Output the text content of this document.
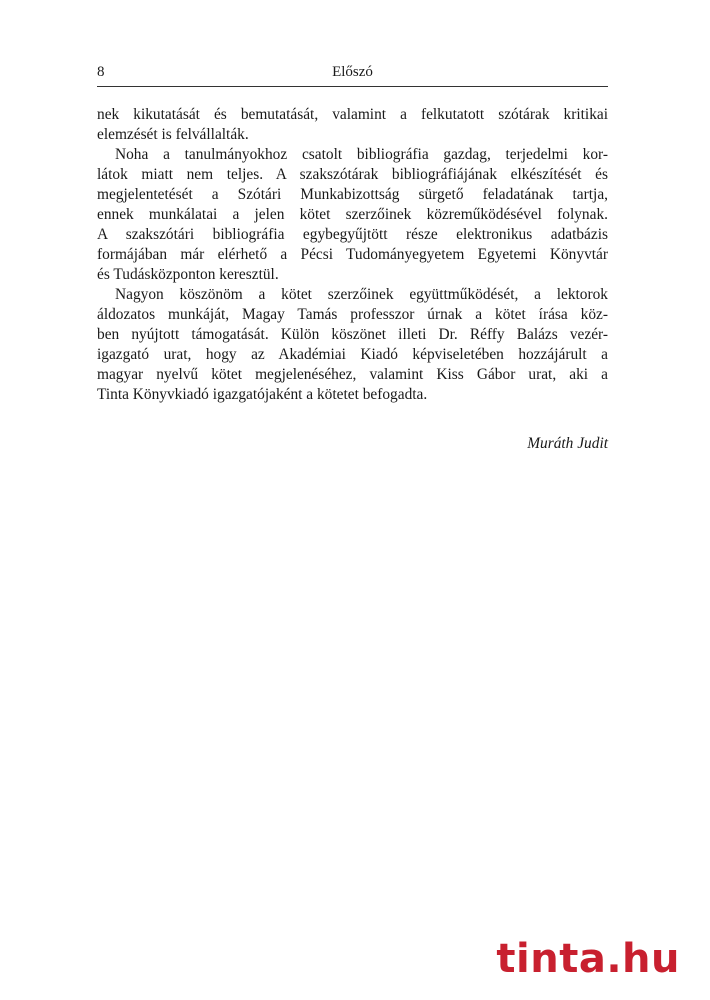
8	Előszó
nek kikutatását és bemutatását, valamint a felkutatott szótárak kritikai
elemzését is felvállalták.
Noha a tanulmányokhoz csatolt bibliográfia gazdag, terjedelmi kor-
látok miatt nem teljes. A szakszótárak bibliográfiájának elkészítését és
megjelentetését a Szótári Munkabizottság sürgető feladatának tartja,
ennek munkálatai a jelen kötet szerzőinek közreműködésével folynak.
A szakszótári bibliográfia egybegyűjtött része elektronikus adatbázis
formájában már elérhető a Pécsi Tudományegyetem Egyetemi Könyvtár
és Tudásközponton keresztül.
Nagyon köszönöm a kötet szerzőinek együttműködését, a lektorok
áldozatos munkáját, Magay Tamás professzor úrnak a kötet írása köz-
ben nyújtott támogatását. Külön köszönet illeti Dr. Réffy Balázs vezér-
igazgató urat, hogy az Akadémiai Kiadó képviseletében hozzájárult a
magyar nyelvű kötet megjelenéséhez, valamint Kiss Gábor urat, aki a
Tinta Könyvkiadó igazgatójaként a kötetet befogadta.
Muráth Judit
tinta.hu
